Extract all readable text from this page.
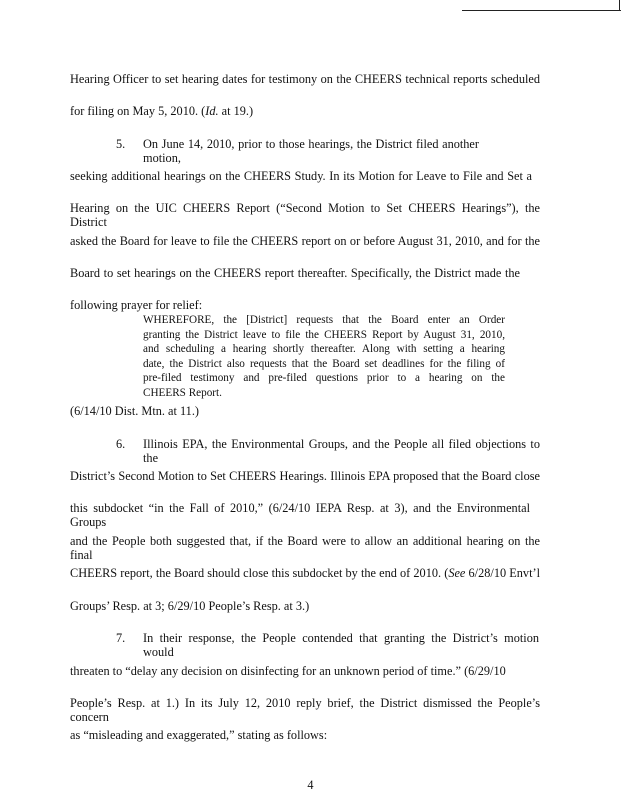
Hearing Officer to set hearing dates for testimony on the CHEERS technical reports scheduled
for filing on May 5, 2010. (Id. at 19.)
5. On June 14, 2010, prior to those hearings, the District filed another motion,
seeking additional hearings on the CHEERS Study. In its Motion for Leave to File and Set a
Hearing on the UIC CHEERS Report (“Second Motion to Set CHEERS Hearings”), the District
asked the Board for leave to file the CHEERS report on or before August 31, 2010, and for the
Board to set hearings on the CHEERS report thereafter. Specifically, the District made the
following prayer for relief:
(6/14/10 Dist. Mtn. at 11.)
6. Illinois EPA, the Environmental Groups, and the People all filed objections to the
District’s Second Motion to Set CHEERS Hearings. Illinois EPA proposed that the Board close
this subdocket “in the Fall of 2010,” (6/24/10 IEPA Resp. at 3), and the Environmental Groups
and the People both suggested that, if the Board were to allow an additional hearing on the final
CHEERS report, the Board should close this subdocket by the end of 2010. (See 6/28/10 Envt’l
Groups’ Resp. at 3; 6/29/10 People’s Resp. at 3.)
7. In their response, the People contended that granting the District’s motion would
threaten to “delay any decision on disinfecting for an unknown period of time.” (6/29/10
People’s Resp. at 1.) In its July 12, 2010 reply brief, the District dismissed the People’s concern
as “misleading and exaggerated,” stating as follows:
WHEREFORE, the [District] requests that the Board enter an Order
granting the District leave to file the CHEERS Report by August 31, 2010,
and scheduling a hearing shortly thereafter. Along with setting a hearing
date, the District also requests that the Board set deadlines for the filing of
pre-filed testimony and pre-filed questions prior to a hearing on the
CHEERS Report.
4
